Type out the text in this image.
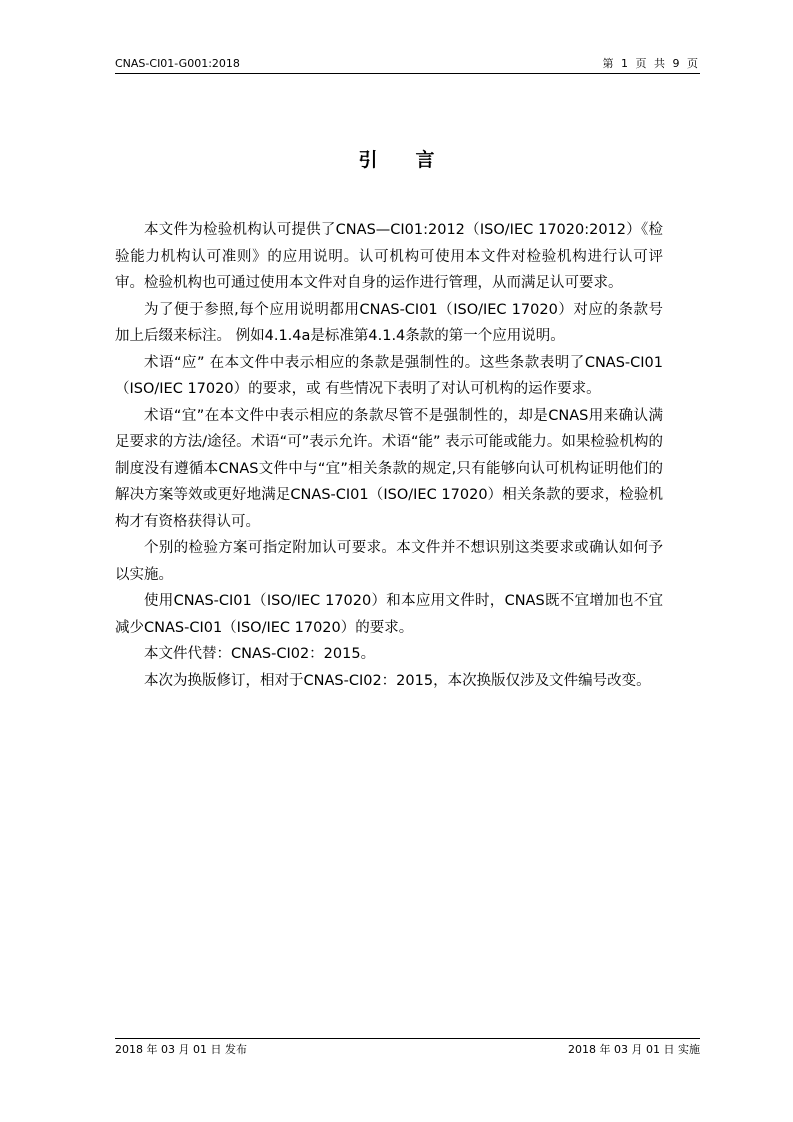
CNAS-CI01-G001:2018	第 1 页 共 9 页
引言

本文件为检验机构认可提供了CNAS—CI01:2012（ISO/IEC 17020:2012）《检验能力机构认可准则》的应用说明。认可机构可使用本文件对检验机构进行认可评审。检验机构也可通过使用本文件对自身的运作进行管理，从而满足认可要求。

为了便于参照,每个应用说明都用CNAS-CI01（ISO/IEC 17020）对应的条款号加上后缀来标注。 例如4.1.4a是标准第4.1.4条款的第一个应用说明。

术语“应” 在本文件中表示相应的条款是强制性的。这些条款表明了CNAS-CI01（ISO/IEC 17020）的要求，或 有些情况下表明了对认可机构的运作要求。

术语“宜”在本文件中表示相应的条款尽管不是强制性的，却是CNAS用来确认满足要求的方法/途径。术语“可”表示允许。术语“能” 表示可能或能力。如果检验机构的制度没有遵循本CNAS文件中与“宜”相关条款的规定,只有能够向认可机构证明他们的解决方案等效或更好地满足CNAS-CI01（ISO/IEC 17020）相关条款的要求，检验机构才有资格获得认可。

个别的检验方案可指定附加认可要求。本文件并不想识别这类要求或确认如何予以实施。

使用CNAS-CI01（ISO/IEC 17020）和本应用文件时，CNAS既不宜增加也不宜减少CNAS-CI01（ISO/IEC 17020）的要求。

本文件代替：CNAS-CI02：2015。

本次为换版修订，相对于CNAS-CI02：2015，本次换版仅涉及文件编号改变。

2018 年 03 月 01 日 发布	2018 年 03 月 01 日 实施
